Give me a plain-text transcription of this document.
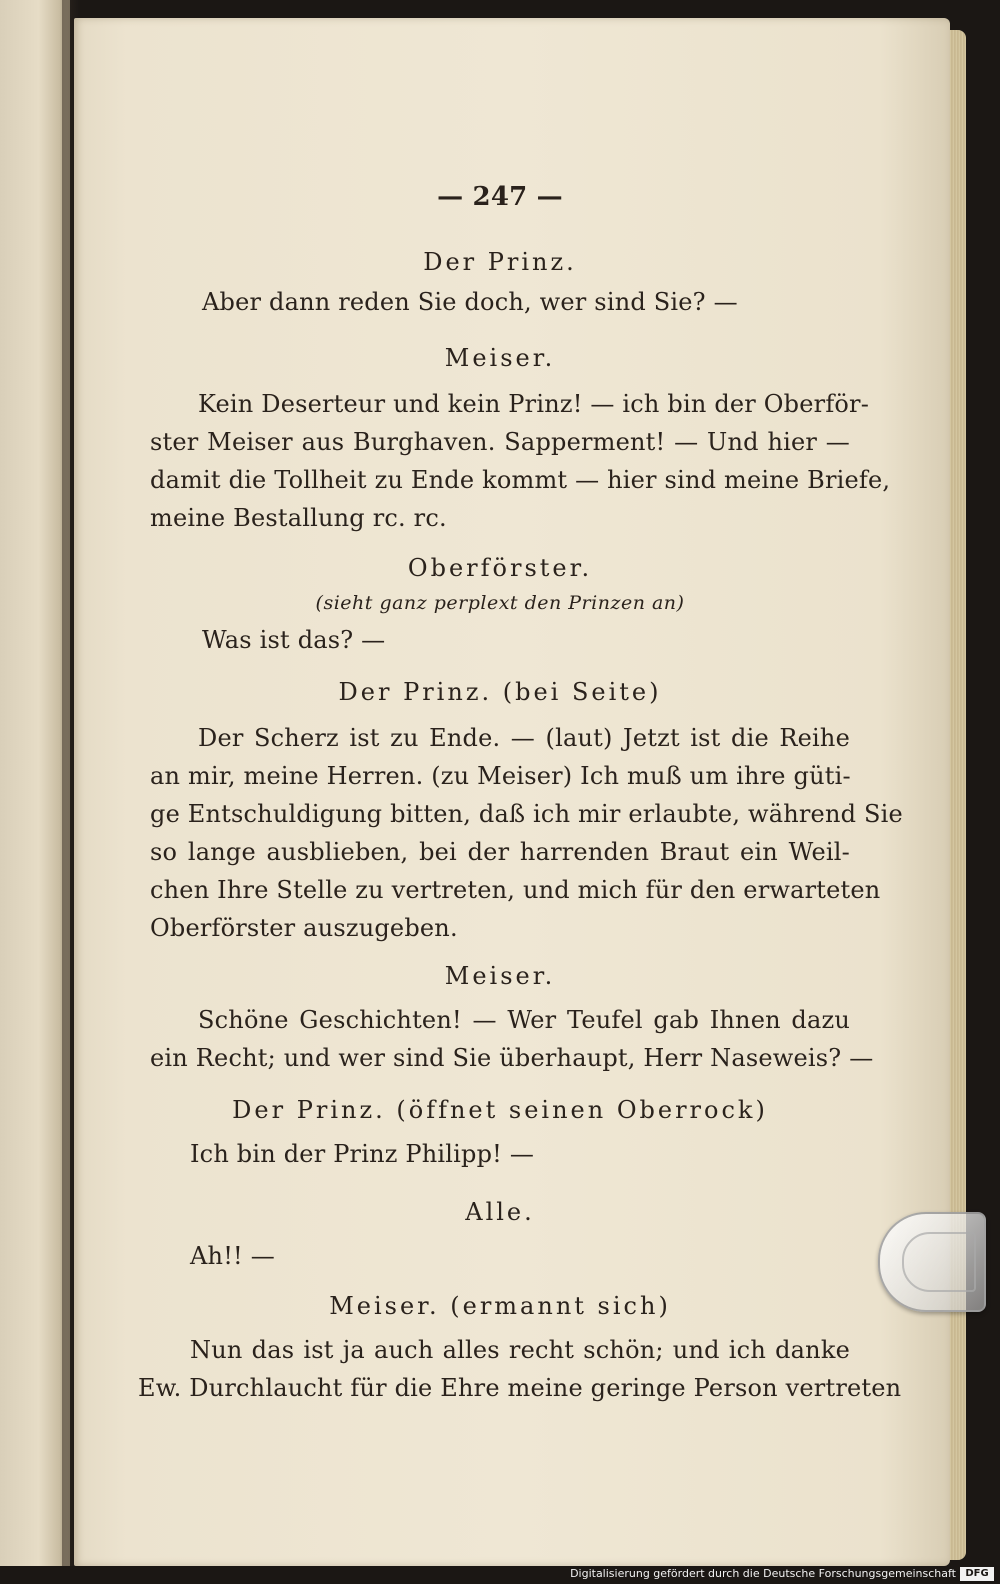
— 247 —
Der Prinz.
Aber dann reden Sie doch, wer sind Sie? —
Meiser.
Kein Deserteur und kein Prinz! — ich bin der Oberför-
ster Meiser aus Burghaven. Sapperment! — Und hier —
damit die Tollheit zu Ende kommt — hier sind meine Briefe,
meine Bestallung rc. rc.
Oberförster.
(sieht ganz perplext den Prinzen an)
Was ist das? —
Der Prinz. (bei Seite)
Der Scherz ist zu Ende. — (laut) Jetzt ist die Reihe
an mir, meine Herren. (zu Meiser) Ich muß um ihre güti-
ge Entschuldigung bitten, daß ich mir erlaubte, während Sie
so lange ausblieben, bei der harrenden Braut ein Weil-
chen Ihre Stelle zu vertreten, und mich für den erwarteten
Oberförster auszugeben.
Meiser.
Schöne Geschichten! — Wer Teufel gab Ihnen dazu
ein Recht; und wer sind Sie überhaupt, Herr Naseweis? —
Der Prinz. (öffnet seinen Oberrock)
Ich bin der Prinz Philipp! —
Alle.
Ah!! —
Meiser. (ermannt sich)
Nun das ist ja auch alles recht schön; und ich danke
Ew. Durchlaucht für die Ehre meine geringe Person vertreten
Digitalisierung gefördert durch die Deutsche Forschungsgemeinschaft DFG
